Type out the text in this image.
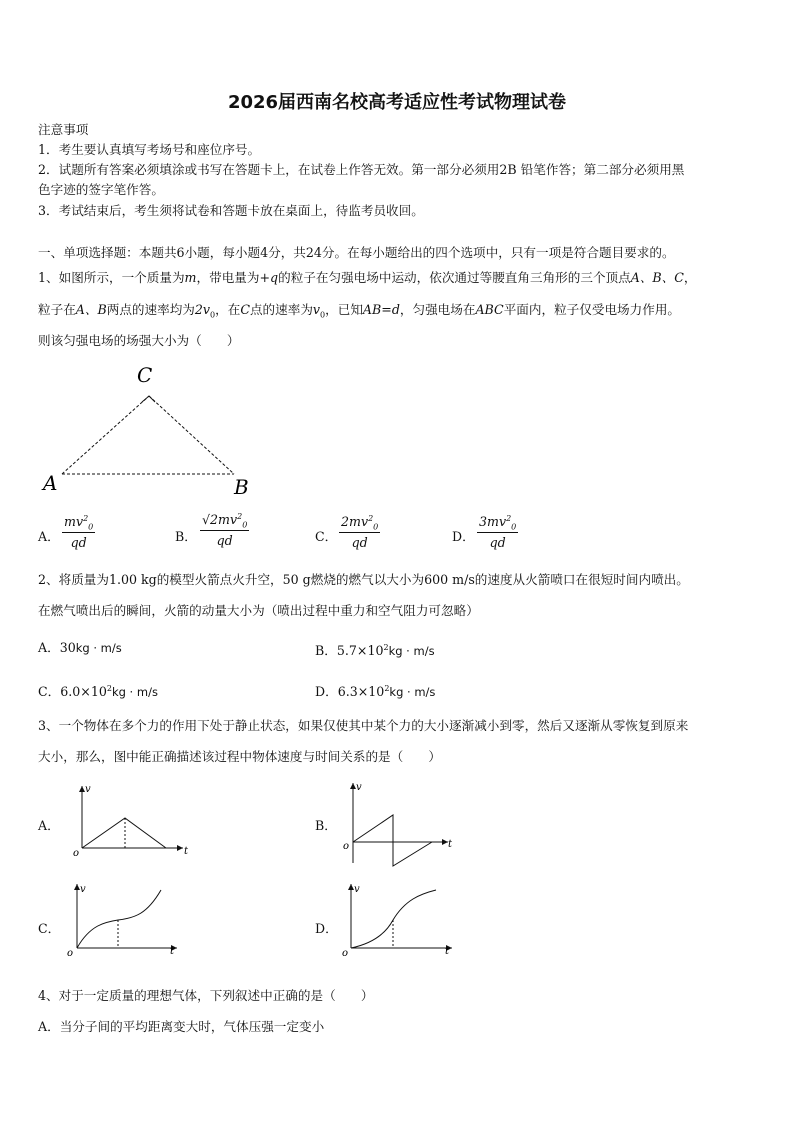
2026届西南名校高考适应性考试物理试卷
注意事项
1．考生要认真填写考场号和座位序号。
2．试题所有答案必须填涂或书写在答题卡上，在试卷上作答无效。第一部分必须用2B 铅笔作答；第二部分必须用黑
色字迹的签字笔作答。
3．考试结束后，考生须将试卷和答题卡放在桌面上，待监考员收回。
一、单项选择题：本题共6小题，每小题4分，共24分。在每小题给出的四个选项中，只有一项是符合题目要求的。
1、如图所示，一个质量为m，带电量为+q的粒子在匀强电场中运动，依次通过等腰直角三角形的三个顶点A、B、C，
粒子在A、B两点的速率均为$2v_0$，在C点的速率为$v_0$，已知AB=d，匀强电场在ABC平面内，粒子仅受电场力作用。
则该匀强电场的场强大小为（　　）
C
A	B
A． $\frac{mv^2_0}{qd}$	B． $\frac{√2mv^2_0}{qd}$	C． $\frac{2mv^2_0}{qd}$	D． $\frac{3mv^2_0}{qd}$
2、将质量为1.00 kg的模型火箭点火升空，50 g燃烧的燃气以大小为600 m/s的速度从火箭喷口在很短时间内喷出。
在燃气喷出后的瞬间，火箭的动量大小为（喷出过程中重力和空气阻力可忽略）
A．30kg · m/s	B．$5.7\times 10^2kg \cdot m/s$
C．$6.0\times 10^2kg \cdot m/s$	D．$6.3\times 10^2kg \cdot m/s$
3、一个物体在多个力的作用下处于静止状态，如果仅使其中某个力的大小逐渐减小到零，然后又逐渐从零恢复到原来
大小，那么，图中能正确描述该过程中物体速度与时间关系的是（　　）
A．
v
o	t
B．
v
o	t
C．
v
o	t
D．
v
o	t
4、对于一定质量的理想气体，下列叙述中正确的是（　　）
A．当分子间的平均距离变大时，气体压强一定变小
